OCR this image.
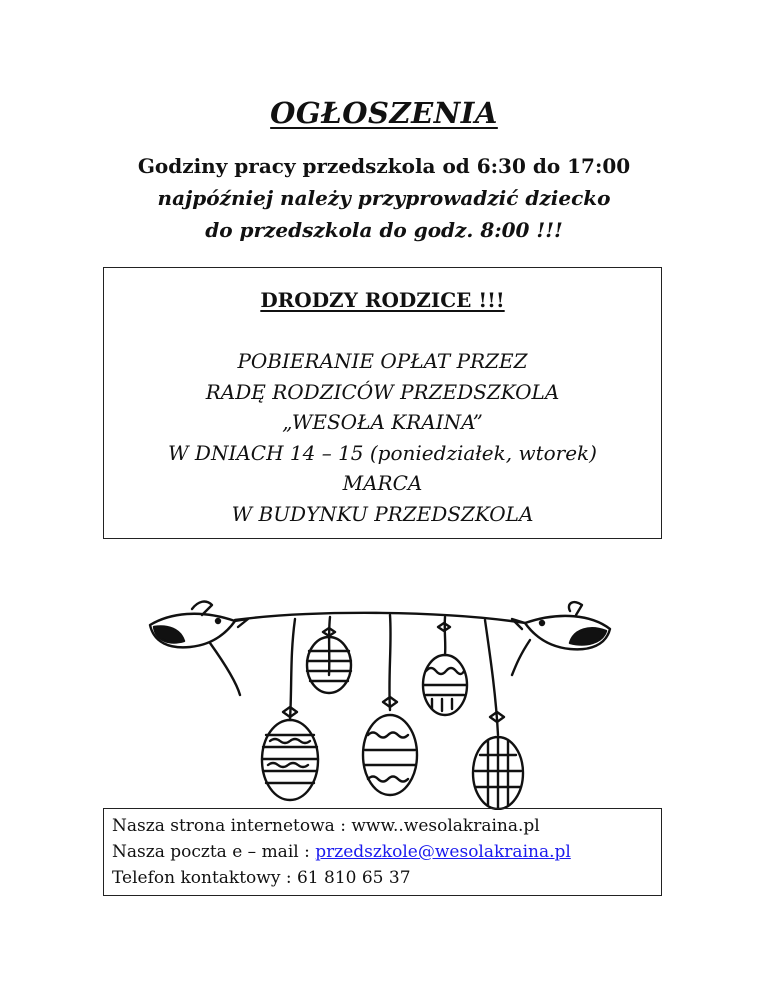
OGŁOSZENIA
Godziny pracy przedszkola od 6:30 do 17:00
najpóźniej należy przyprowadzić dziecko
do przedszkola do godz. 8:00 !!!
DRODZY RODZICE !!!
POBIERANIE OPŁAT PRZEZ
RADĘ RODZICÓW PRZEDSZKOLA
„WESOŁA KRAINA”
W DNIACH 14 – 15 (poniedziałek, wtorek)
MARCA
W BUDYNKU PRZEDSZKOLA
Nasza strona internetowa : www..wesolakraina.pl
Nasza poczta e – mail : przedszkole@wesolakraina.pl
Telefon kontaktowy : 61 810 65 37
